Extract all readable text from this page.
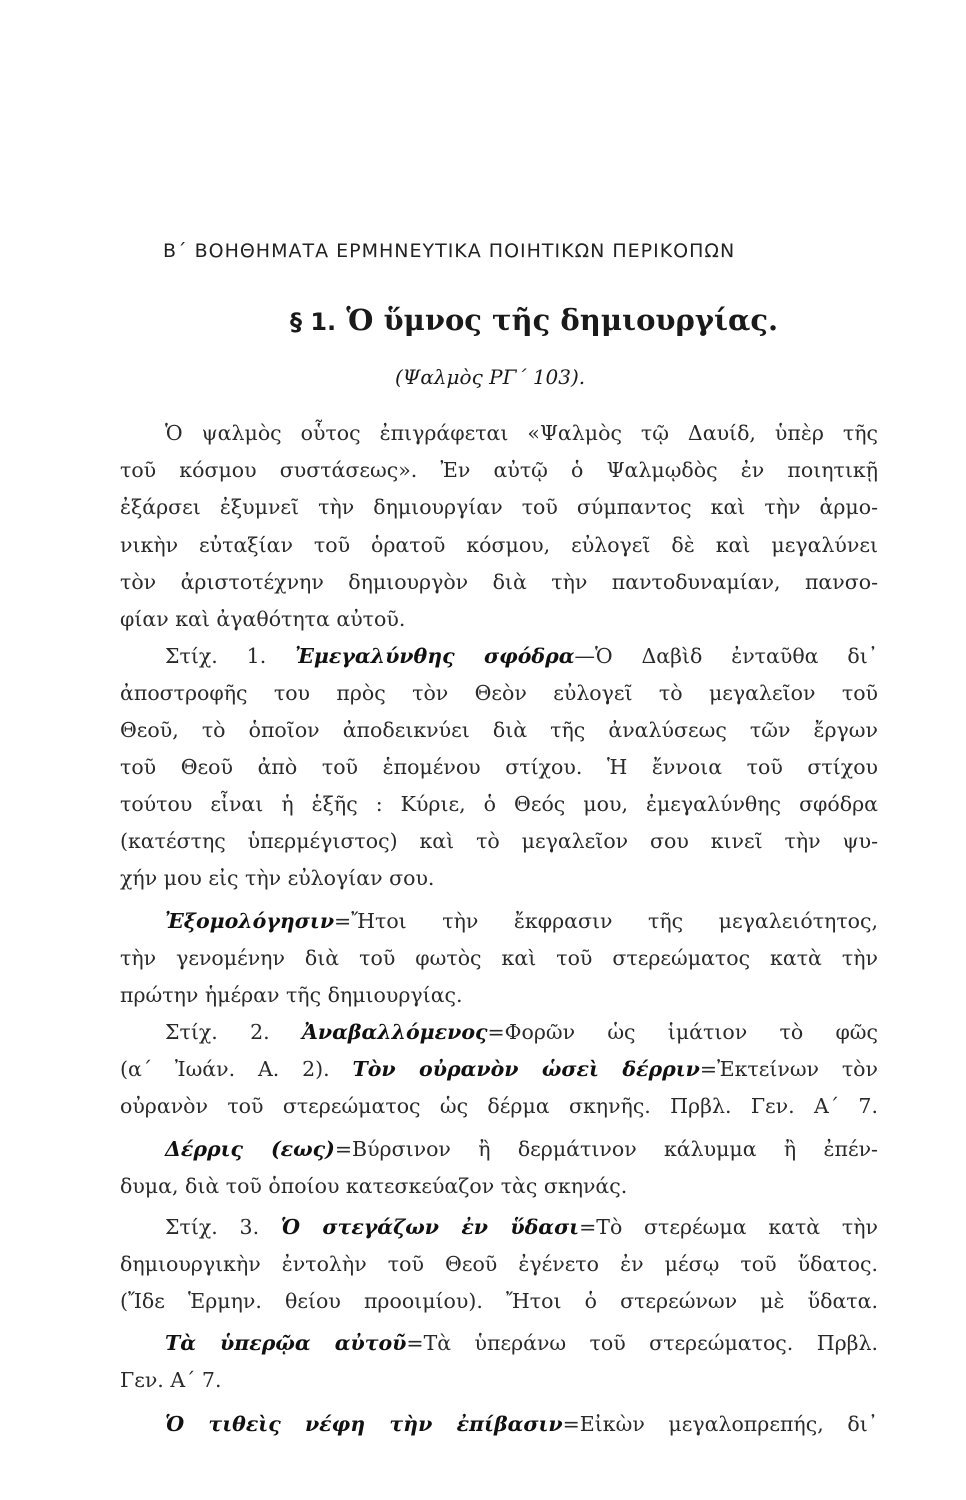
Β΄ ΒΟΗΘΗΜΑΤΑ ΕΡΜΗΝΕΥΤΙΚΑ ΠΟΙΗΤΙΚΩΝ ΠΕΡΙΚΟΠΩΝ
§ 1. Ὁ ὕμνος τῆς δημιουργίας.
(Ψαλμὸς ΡΓ΄ 103).
Ὁ ψαλμὸς οὗτος ἐπιγράφεται «Ψαλμὸς τῷ Δαυίδ, ὑπὲρ τῆς
τοῦ κόσμου συστάσεως». Ἐν αὐτῷ ὁ Ψαλμῳδὸς ἐν ποιητικῇ
ἐξάρσει ἐξυμνεῖ τὴν δημιουργίαν τοῦ σύμπαντος καὶ τὴν ἁρμο-
νικὴν εὐταξίαν τοῦ ὁρατοῦ κόσμου, εὐλογεῖ δὲ καὶ μεγαλύνει
τὸν ἀριστοτέχνην δημιουργὸν διὰ τὴν παντοδυναμίαν, πανσο-
φίαν καὶ ἀγαθότητα αὐτοῦ.
Στίχ. 1. Ἐμεγαλύνθης σφόδρα—Ὁ Δαβὶδ ἐνταῦθα δι᾽
ἀποστροφῆς του πρὸς τὸν Θεὸν εὐλογεῖ τὸ μεγαλεῖον τοῦ
Θεοῦ, τὸ ὁποῖον ἀποδεικνύει διὰ τῆς ἀναλύσεως τῶν ἔργων
τοῦ Θεοῦ ἀπὸ τοῦ ἑπομένου στίχου. Ἡ ἔννοια τοῦ στίχου
τούτου εἶναι ἡ ἑξῆς : Κύριε, ὁ Θεός μου, ἐμεγαλύνθης σφόδρα
(κατέστης ὑπερμέγιστος) καὶ τὸ μεγαλεῖον σου κινεῖ τὴν ψυ-
χήν μου εἰς τὴν εὐλογίαν σου.
Ἐξομολόγησιν=Ἤτοι τὴν ἔκφρασιν τῆς μεγαλειότητος,
τὴν γενομένην διὰ τοῦ φωτὸς καὶ τοῦ στερεώματος κατὰ τὴν
πρώτην ἡμέραν τῆς δημιουργίας.
Στίχ. 2. Ἀναβαλλόμενος=Φορῶν ὡς ἱμάτιον τὸ φῶς
(α΄ Ἰωάν. Α. 2). Τὸν οὐρανὸν ὡσεὶ δέρριν=Ἐκτείνων τὸν
οὐρανὸν τοῦ στερεώματος ὡς δέρμα σκηνῆς. Πρβλ. Γεν. Α΄ 7.
Δέρρις (εως)=Βύρσινον ἢ δερμάτινον κάλυμμα ἢ ἐπέν-
δυμα, διὰ τοῦ ὁποίου κατεσκεύαζον τὰς σκηνάς.
Στίχ. 3. Ὁ στεγάζων ἐν ὕδασι=Τὸ στερέωμα κατὰ τὴν
δημιουργικὴν ἐντολὴν τοῦ Θεοῦ ἐγένετο ἐν μέσῳ τοῦ ὕδατος.
(Ἴδε Ἑρμην. θείου προοιμίου). Ἤτοι ὁ στερεώνων μὲ ὕδατα.
Τὰ ὑπερῷα αὐτοῦ=Τὰ ὑπεράνω τοῦ στερεώματος. Πρβλ.
Γεν. Α΄ 7.
Ὁ τιθεὶς νέφη τὴν ἐπίβασιν=Εἰκὼν μεγαλοπρεπής, δι᾽
